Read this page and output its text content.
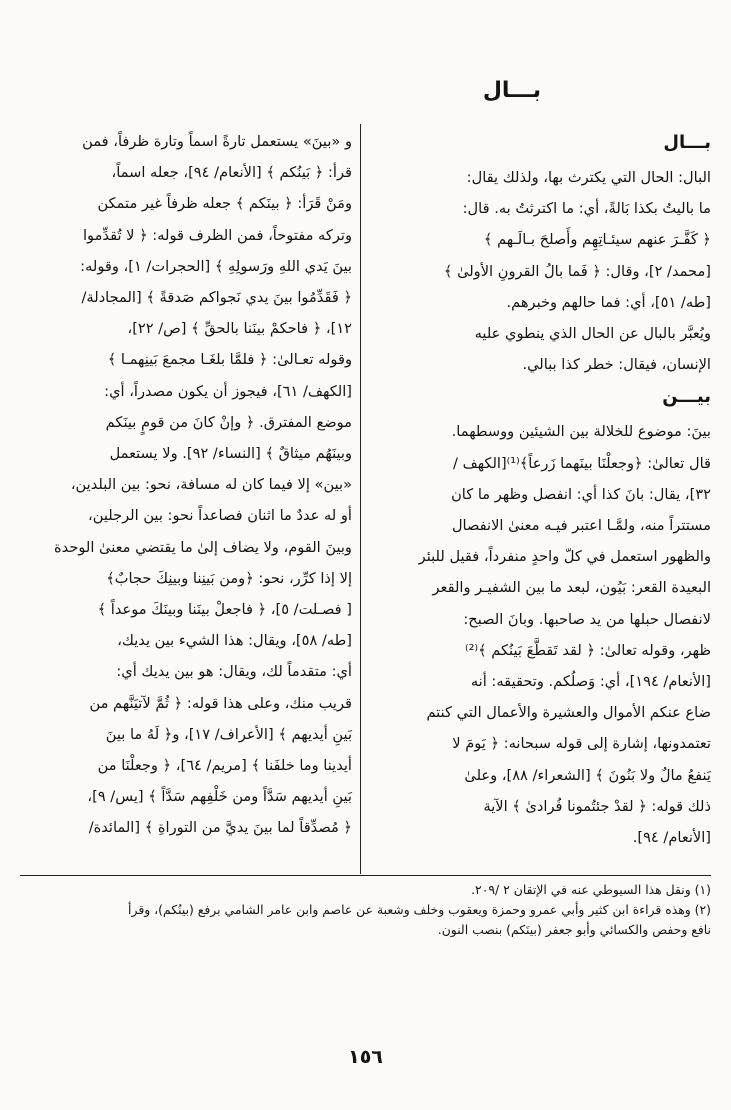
بـــال

بـــال

البال: الحال التي يكترث بها، ولذلك يقال:

ما باليتُ بكذا بَالةً، أي: ما اكترثتُ به. قال:

﴿ كَفَّـرَ عنهم سيئـاتِهِم وأَصلحَ بـالَـهم ﴾

[محمد/ ٢]، وقال: ﴿ فَما بالُ القرونِ الأولىٰ ﴾

[طه/ ٥١]، أي: فما حالهم وخبرهم.

ويُعبَّر بالبال عن الحال الذي ينطوي عليه

الإنسان، فيقال: خطر كذا ببالي.

بيـــن

بينَ: موضوع للخلالة بين الشيئين ووسطهما.

قال تعالىٰ: ﴿وجعلْنَا بينَهما زَرعاً﴾⁽¹⁾[الكهف /

٣٢]، يقال: بانَ كذا أي: انفصل وظهر ما كان

مستتراً منه، ولمَّـا اعتبر فيـه معنىٰ الانفصال

والظهور استعمل في كلّ واحدٍ منفرداً، فقيل للبئر

البعيدة القعر: بَيُون، لبعد ما بين الشفيـر والقعر

لانفصال حبلها من يد صاحبها. وبانَ الصبح:

ظهر، وقوله تعالىٰ: ﴿ لقد تَقطَّعَ بَينُكم ﴾⁽²⁾

[الأنعام/ ١٩٤]، أي: وَصلُكم. وتحقيقه: أنه

ضاع عنكم الأموال والعشيرة والأعمال التي كنتم

تعتمدونها، إشارة إلى قوله سبحانه: ﴿ يَومَ لا

يَنفعُ مالٌ ولا بَنُونَ ﴾ [الشعراء/ ٨٨]، وعلىٰ

ذلك قوله: ﴿ لقدْ جئتُمونا فُرادىٰ ﴾ الآية

[الأنعام/ ٩٤].

و «بينَ» يستعمل تارةً اسماً وتارة ظرفاً، فمن

قرأ: ﴿ بَينُكم ﴾ [الأنعام/ ٩٤]، جعله اسماً،

ومَنْ قَرَأ: ﴿ بينَكم ﴾ جعله ظرفاً غير متمكن

وتركه مفتوحاً، فمن الظرف قوله: ﴿ لا تُقدِّموا

بينَ يَدي اللهِ ورَسولِهِ ﴾ [الحجرات/ ١]، وقوله:

﴿ فَقَدِّمُوا بينَ يدي نَجواكم صَدقةً ﴾ [المجادلة/

١٢]، ﴿ فاحكمْ بينَنا بالحقِّ ﴾ [ص/ ٢٢]،

وقوله تعـالىٰ: ﴿ فلمَّا بلغَـا مجمعَ بَينِهمـا ﴾

[الكهف/ ٦١]، فيجوز أن يكون مصدراً، أي:

موضع المفترق. ﴿ وإنْ كانَ من قومٍ بينَكم

وبينَهُم ميثاقٌ ﴾ [النساء/ ٩٢]. ولا يستعمل

«بين» إلا فيما كان له مسافة، نحو: بين البلدين،

أو له عددٌ ما اثنان فصاعداً نحو: بين الرجلين،

وبينَ القوم، ولا يضاف إلىٰ ما يقتضي معنىٰ الوحدة

إلا إذا كرِّر، نحو: ﴿ومن بَينِنا وبينِكَ حجابٌ﴾

[ فصـلت/ ٥]، ﴿ فاجعلْ بينَنا وبينَكَ موعداً ﴾

[طه/ ٥٨]، ويقال: هذا الشيء بين يديك،

أي: متقدماً لك، ويقال: هو بين يديك أي:

قريب منك، وعلى هذا قوله: ﴿ ثُمَّ لآتيَنَّهم من

بَينِ أيديهم ﴾ [الأعراف/ ١٧]، و﴿ لَهُ ما بينَ

أيدينا وما خلفَنا ﴾ [مريم/ ٦٤]، ﴿ وجعلْنَا من

بَينِ أيديهم سَدَّاً ومن خَلْفِهم سَدَّاً ﴾ [يس/ ٩]،

﴿ مُصدِّقاً لما بينَ يديَّ من التوراةِ ﴾ [المائدة/

(١) ونقل هذا السيوطي عنه في الإتقان ٢ /٢٠٩.

(٢) وهذه قراءة ابن كثير وأبي عمرو وحمزة ويعقوب وخلف وشعبة عن عاصم وابن عامر الشامي برفع (بينُكم)، وقرأ

نافع وحفص والكسائي وأبو جعفر (بينَكم) بنصب النون.

١٥٦
